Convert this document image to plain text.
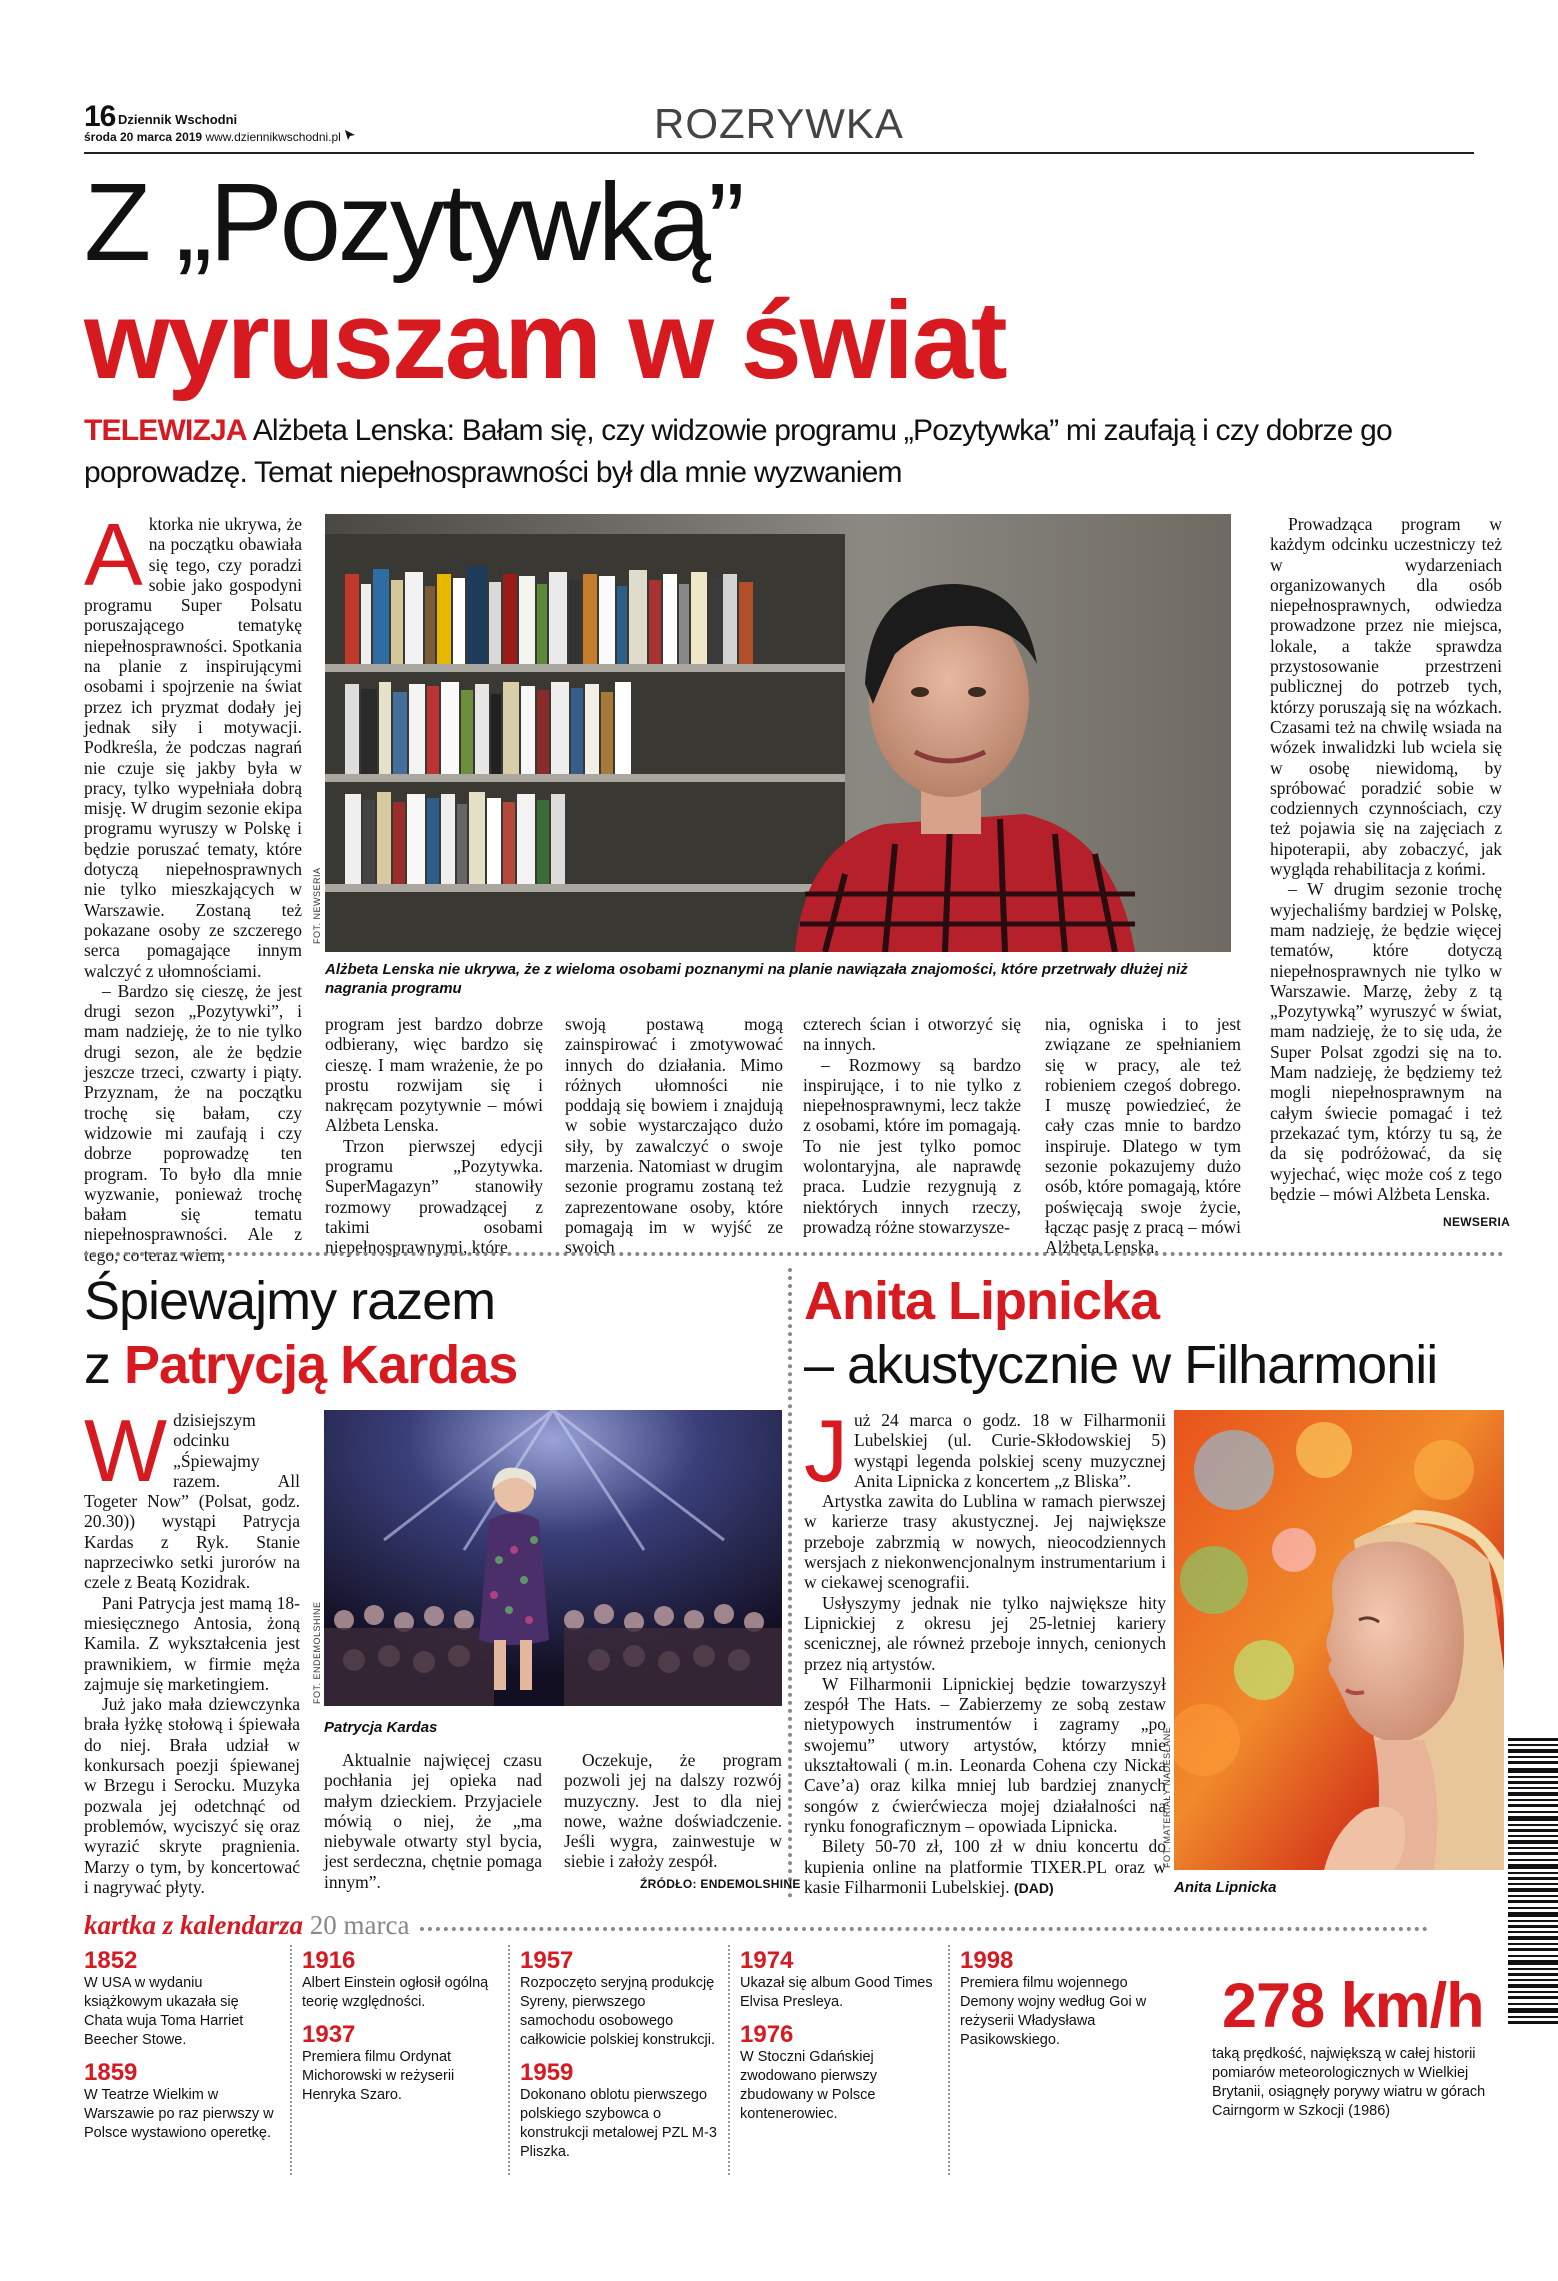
16 Dziennik Wschodni
środa 20 marca 2019 www.dziennikwschodni.pl	ROZRYWKA
Z „Pozytywką”
wyruszam w świat
TELEWIZJA Alżbeta Lenska: Bałam się, czy widzowie programu „Pozytywka” mi zaufają i czy dobrze go poprowadzę. Temat niepełnosprawności był dla mnie wyzwaniem
A ktorka nie ukrywa, że na początku obawiała się tego, czy poradzi sobie jako gospodyni programu Super Polsatu poruszającego tematykę niepełnosprawności. Spotkania na planie z inspirującymi osobami i spojrzenie na świat przez ich pryzmat dodały jej jednak siły i motywacji. Podkreśla, że podczas nagrań nie czuje się jakby była w pracy, tylko wypełniała dobrą misję. W drugim sezonie ekipa programu wyruszy w Polskę i będzie poruszać tematy, które dotyczą niepełnosprawnych nie tylko mieszkających w Warszawie. Zostaną też pokazane osoby ze szczerego serca pomagające innym walczyć z ułomnościami.

– Bardzo się cieszę, że jest drugi sezon „Pozytywki”, i mam nadzieję, że to nie tylko drugi sezon, ale że będzie jeszcze trzeci, czwarty i piąty. Przyznam, że na początku trochę się bałam, czy widzowie mi zaufają i czy dobrze poprowadzę ten program. To było dla mnie wyzwanie, ponieważ trochę bałam się tematu niepełnosprawności. Ale z tego, co teraz wiem,

FOT. NEWSERIA
Alżbeta Lenska nie ukrywa, że z wieloma osobami poznanymi na planie nawiązała znajomości, które przetrwały dłużej niż nagrania programu

program jest bardzo dobrze odbierany, więc bardzo się cieszę. I mam wrażenie, że po prostu rozwijam się i nakręcam pozytywnie – mówi Alżbeta Lenska.

Trzon pierwszej edycji programu „Pozytywka. SuperMagazyn” stanowiły rozmowy prowadzącej z takimi osobami niepełnosprawnymi, które

swoją postawą mogą zainspirować i zmotywować innych do działania. Mimo różnych ułomności nie poddają się bowiem i znajdują w sobie wystarczająco dużo siły, by zawalczyć o swoje marzenia. Natomiast w drugim sezonie programu zostaną też zaprezentowane osoby, które pomagają im w wyjść ze swoich

czterech ścian i otworzyć się na innych.

– Rozmowy są bardzo inspirujące, i to nie tylko z niepełnosprawnymi, lecz także z osobami, które im pomagają. To nie jest tylko pomoc wolontaryjna, ale naprawdę praca. Ludzie rezygnują z niektórych innych rzeczy, prowadzą różne stowarzysze-

nia, ogniska i to jest związane ze spełnianiem się w pracy, ale też robieniem czegoś dobrego. I muszę powiedzieć, że cały czas mnie to bardzo inspiruje. Dlatego w tym sezonie pokazujemy dużo osób, które pomagają, które poświęcają swoje życie, łącząc pasję z pracą – mówi Alżbeta Lenska.

Prowadząca program w każdym odcinku uczestniczy też w wydarzeniach organizowanych dla osób niepełnosprawnych, odwiedza prowadzone przez nie miejsca, lokale, a także sprawdza przystosowanie przestrzeni publicznej do potrzeb tych, którzy poruszają się na wózkach. Czasami też na chwilę wsiada na wózek inwalidzki lub wciela się w osobę niewidomą, by spróbować poradzić sobie w codziennych czynnościach, czy też pojawia się na zajęciach z hipoterapii, aby zobaczyć, jak wygląda rehabilitacja z końmi.

– W drugim sezonie trochę wyjechaliśmy bardziej w Polskę, mam nadzieję, że będzie więcej tematów, które dotyczą niepełnosprawnych nie tylko w Warszawie. Marzę, żeby z tą „Pozytywką” wyruszyć w świat, mam nadzieję, że to się uda, że Super Polsat zgodzi się na to. Mam nadzieję, że będziemy też mogli niepełnosprawnym na całym świecie pomagać i też przekazać tym, którzy tu są, że da się podróżować, da się wyjechać, więc może coś z tego będzie – mówi Alżbeta Lenska.

NEWSERIA
Śpiewajmy razem
z Patrycją Kardas
W dzisiejszym odcinku „Śpiewajmy razem. All Togeter Now” (Polsat, godz. 20.30)) wystąpi Patrycja Kardas z Ryk. Stanie naprzeciwko setki jurorów na czele z Beatą Kozidrak.

Pani Patrycja jest mamą 18-miesięcznego Antosia, żoną Kamila. Z wykształcenia jest prawnikiem, w firmie męża zajmuje się marketingiem.

Już jako mała dziewczynka brała łyżkę stołową i śpiewała do niej. Brała udział w konkursach poezji śpiewanej w Brzegu i Serocku. Muzyka pozwala jej odetchnąć od problemów, wyciszyć się oraz wyrazić skryte pragnienia. Marzy o tym, by koncertować i nagrywać płyty.

FOT. ENDEMOLSHINE
Patrycja Kardas

Aktualnie najwięcej czasu pochłania jej opieka nad małym dzieckiem. Przyjaciele mówią o niej, że „ma niebywale otwarty styl bycia, jest serdeczna, chętnie pomaga innym”.

Oczekuje, że program pozwoli jej na dalszy rozwój muzyczny. Jest to dla niej nowe, ważne doświadczenie. Jeśli wygra, zainwestuje w siebie i założy zespół.

ŹRÓDŁO: ENDEMOLSHINE
Anita Lipnicka
– akustycznie w Filharmonii
J uż 24 marca o godz. 18 w Filharmonii Lubelskiej (ul. Curie-Skłodowskiej 5) wystąpi legenda polskiej sceny muzycznej Anita Lipnicka z koncertem „z Bliska”.

Artystka zawita do Lublina w ramach pierwszej w karierze trasy akustycznej. Jej największe przeboje zabrzmią w nowych, nieocodziennych wersjach z niekonwencjonalnym instrumentarium i w ciekawej scenografii.

Usłyszymy jednak nie tylko największe hity Lipnickiej z okresu jej 25-letniej kariery scenicznej, ale równeż przeboje innych, cenionych przez nią artystów.

W Filharmonii Lipnickiej będzie towarzyszył zespół The Hats. – Zabierzemy ze sobą zestaw nietypowych instrumentów i zagramy „po swojemu” utwory artystów, którzy mnie ukształtowali ( m.in. Leonarda Cohena czy Nicka Cave’a) oraz kilka mniej lub bardziej znanych songów z ćwierćwiecza mojej działalności na rynku fonograficznym – opowiada Lipnicka.

Bilety 50-70 zł, 100 zł w dniu koncertu do kupienia online na platformie TIXER.PL oraz w kasie Filharmonii Lubelskiej. (DAD)

FOT. MATERIAŁY NADESŁANE
Anita Lipnicka
kartka z kalendarza 20 marca
1852
W USA w wydaniu książkowym ukazała się Chata wuja Toma Harriet Beecher Stowe.
1859
W Teatrze Wielkim w Warszawie po raz pierwszy w Polsce wystawiono operetkę.
1916
Albert Einstein ogłosił ogólną teorię względności.
1937
Premiera filmu Ordynat Michorowski w reżyserii Henryka Szaro.
1957
Rozpoczęto seryjną produkcję Syreny, pierwszego samochodu osobowego całkowicie polskiej konstrukcji.
1959
Dokonano oblotu pierwszego polskiego szybowca o konstrukcji metalowej PZL M-3 Pliszka.
1974
Ukazał się album Good Times Elvisa Presleya.
1976
W Stoczni Gdańskiej zwodowano pierwszy zbudowany w Polsce kontenerowiec.
1998
Premiera filmu wojennego Demony wojny według Goi w reżyserii Władysława Pasikowskiego.	278 km/h
taką prędkość, największą w całej historii pomiarów meteorologicznych w Wielkiej Brytanii, osiągnęły porywy wiatru w górach Cairngorm w Szkocji (1986)
